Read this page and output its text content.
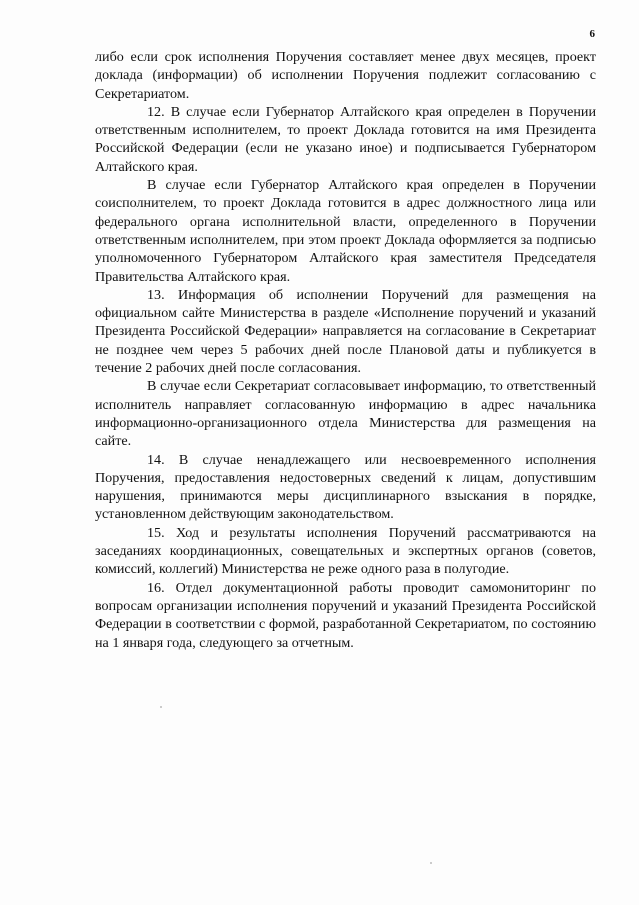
6

либо если срок исполнения Поручения составляет менее двух месяцев, проект доклада (информации) об исполнении Поручения подлежит согласованию с Секретариатом.

12. В случае если Губернатор Алтайского края определен в Поручении ответственным исполнителем, то проект Доклада готовится на имя Президента Российской Федерации (если не указано иное) и подписывается Губернатором Алтайского края.

В случае если Губернатор Алтайского края определен в Поручении соисполнителем, то проект Доклада готовится в адрес должностного лица или федерального органа исполнительной власти, определенного в Поручении ответственным исполнителем, при этом проект Доклада оформляется за подписью уполномоченного Губернатором Алтайского края заместителя Председателя Правительства Алтайского края.

13. Информация об исполнении Поручений для размещения на официальном сайте Министерства в разделе «Исполнение поручений и указаний Президента Российской Федерации» направляется на согласование в Секретариат не позднее чем через 5 рабочих дней после Плановой даты и публикуется в течение 2 рабочих дней после согласования.

В случае если Секретариат согласовывает информацию, то ответственный исполнитель направляет согласованную информацию в адрес начальника информационно-организационного отдела Министерства для размещения на сайте.

14. В случае ненадлежащего или несвоевременного исполнения Поручения, предоставления недостоверных сведений к лицам, допустившим нарушения, принимаются меры дисциплинарного взыскания в порядке, установленном действующим законодательством.

15. Ход и результаты исполнения Поручений рассматриваются на заседаниях координационных, совещательных и экспертных органов (советов, комиссий, коллегий) Министерства не реже одного раза в полугодие.

16. Отдел документационной работы проводит самомониторинг по вопросам организации исполнения поручений и указаний Президента Российской Федерации в соответствии с формой, разработанной Секретариатом, по состоянию на 1 января года, следующего за отчетным.
